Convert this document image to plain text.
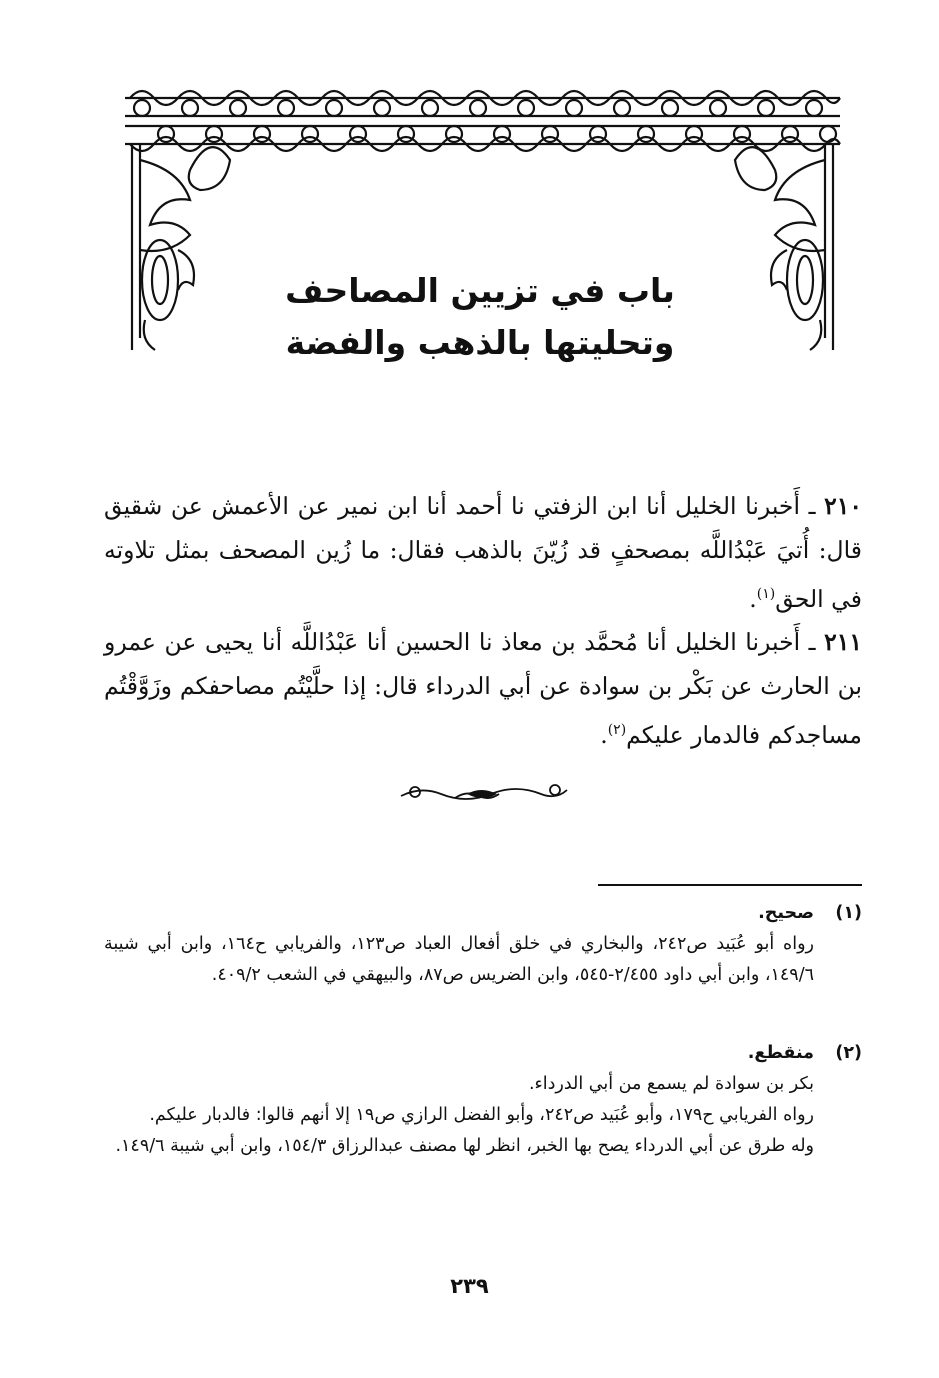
باب في تزيين المصاحف
وتحليتها بالذهب والفضة
٢١٠ ـ أَخبرنا الخليل أنا ابن الزفتي نا أحمد أنا ابن نمير عن الأعمش عن شقيق قال: أُتيَ عَبْدُاللَّه بمصحفٍ قد زُيّنَ بالذهب فقال: ما زُين المصحف بمثل تلاوته في الحق$^{(١)}$.
٢١١ ـ أَخبرنا الخليل أنا مُحمَّد بن معاذ نا الحسين أنا عَبْدُاللَّه أنا يحيى عن عمرو بن الحارث عن بَكْر بن سوادة عن أبي الدرداء قال: إذا حلَّيْتُم مصاحفكم وزَوَّقْتُم مساجدكم فالدمار عليكم$^{(٢)}$.
(١)صحيح.

رواه أبو عُبَيد ص٢٤٢، والبخاري في خلق أفعال العباد ص١٢٣، والفريابي ح١٦٤، وابن أبي شيبة ١٤٩/٦، وابن أبي داود ٢/٤٥٥-٥٤٥، وابن الضريس ص٨٧، والبيهقي في الشعب ٤٠٩/٢.

(٢)منقطع.

بكر بن سوادة لم يسمع من أبي الدرداء.

رواه الفريابي ح١٧٩، وأبو عُبَيد ص٢٤٢، وأبو الفضل الرازي ص١٩ إلا أنهم قالوا: فالدبار عليكم.

وله طرق عن أبي الدرداء يصح بها الخبر، انظر لها مصنف عبدالرزاق ١٥٤/٣، وابن أبي شيبة ١٤٩/٦.

٢٣٩
